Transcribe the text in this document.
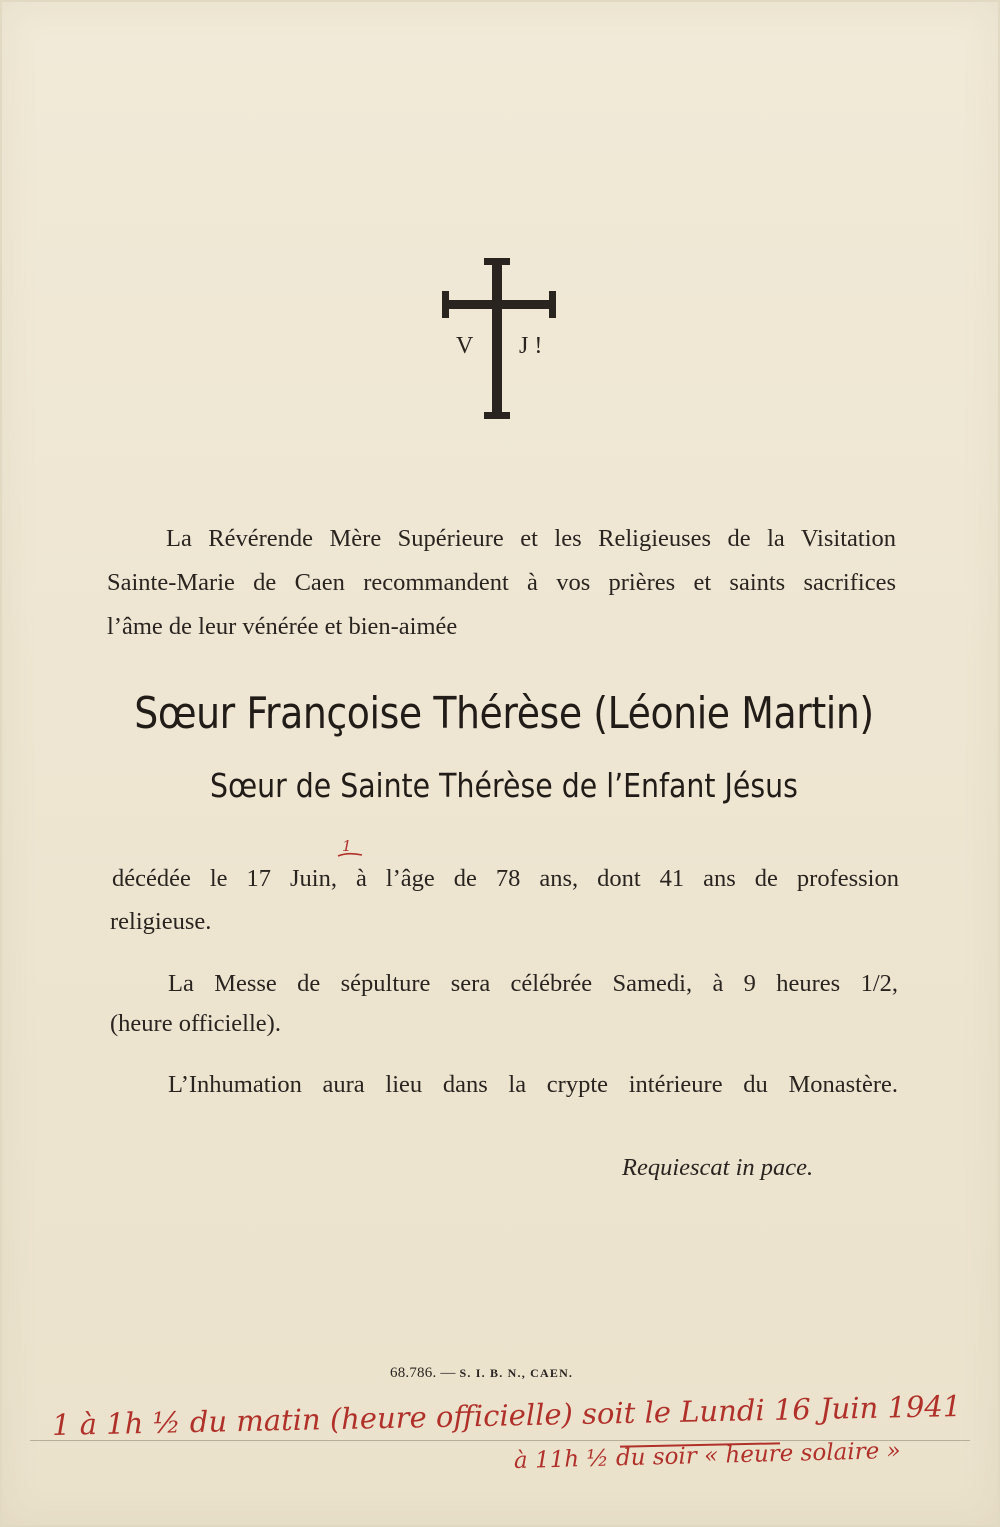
V J !
La Révérende Mère Supérieure et les Religieuses de la Visitation
Sainte-Marie de Caen recommandent à vos prières et saints sacrifices
l’âme de leur vénérée et bien-aimée
Sœur Françoise Thérèse (Léonie Martin)
Sœur de Sainte Thérèse de l’Enfant Jésus
1
décédée le 17 Juin, à l’âge de 78 ans, dont 41 ans de profession
religieuse.
La Messe de sépulture sera célébrée Samedi, à 9 heures 1/2,
(heure officielle).
L’Inhumation aura lieu dans la crypte intérieure du Monastère.
Requiescat in pace.
68.786. — S. I. B. N., CAEN.
1 à 1h ½ du matin (heure officielle) soit le Lundi 16 Juin 1941
à 11h ½ du soir « heure solaire »
